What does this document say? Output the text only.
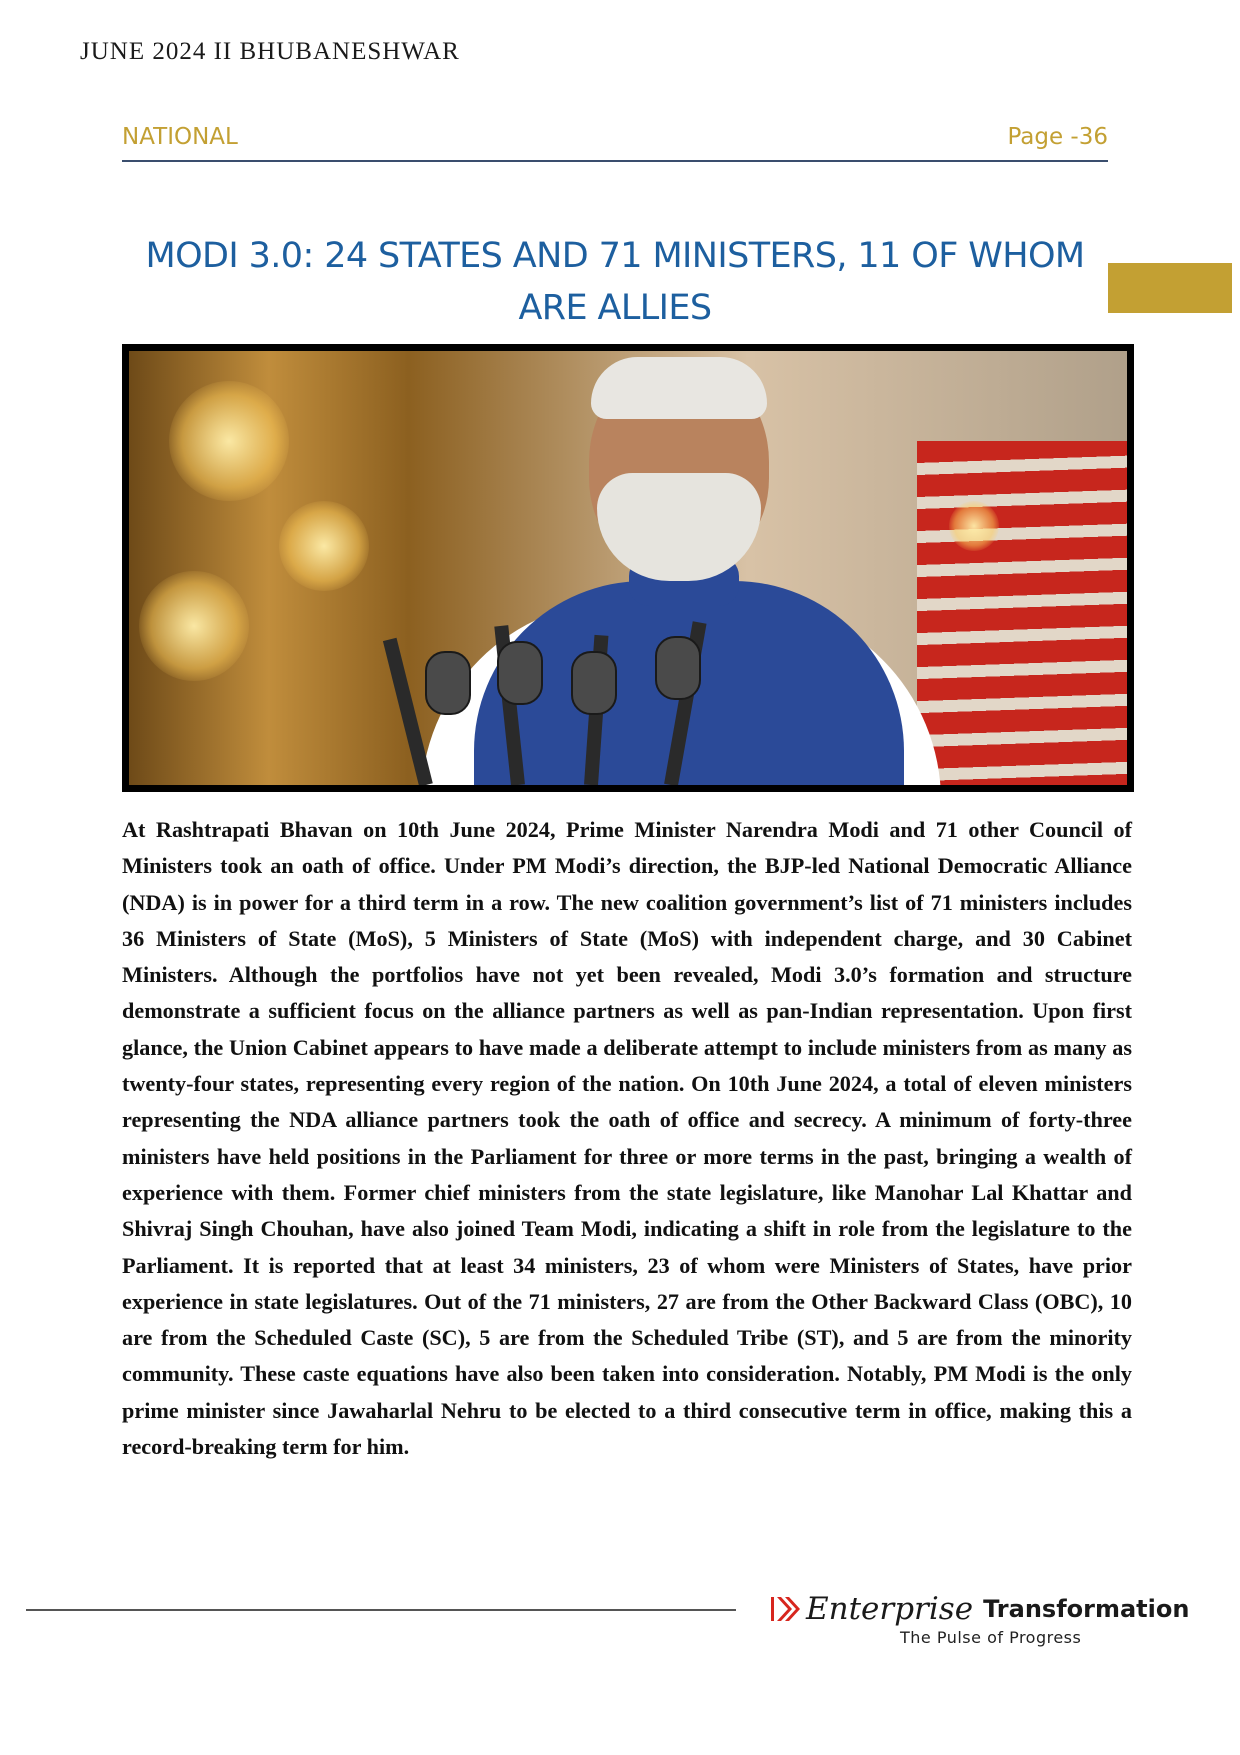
JUNE 2024 II BHUBANESHWAR
NATIONAL	Page -36
MODI 3.0: 24 STATES AND 71 MINISTERS, 11 OF WHOM ARE ALLIES

At Rashtrapati Bhavan on 10th June 2024, Prime Minister Narendra Modi and 71 other Council of Ministers took an oath of office. Under PM Modi’s direction, the BJP-led National Democratic Alliance (NDA) is in power for a third term in a row. The new coalition government’s list of 71 ministers includes 36 Ministers of State (MoS), 5 Ministers of State (MoS) with independent charge, and 30 Cabinet Ministers. Although the portfolios have not yet been revealed, Modi 3.0’s formation and structure demonstrate a sufficient focus on the alliance partners as well as pan-Indian representation. Upon first glance, the Union Cabinet appears to have made a deliberate attempt to include ministers from as many as twenty-four states, representing every region of the nation. On 10th June 2024, a total of eleven ministers representing the NDA alliance partners took the oath of office and secrecy. A minimum of forty-three ministers have held positions in the Parliament for three or more terms in the past, bringing a wealth of experience with them. Former chief ministers from the state legislature, like Manohar Lal Khattar and Shivraj Singh Chouhan, have also joined Team Modi, indicating a shift in role from the legislature to the Parliament. It is reported that at least 34 ministers, 23 of whom were Ministers of States, have prior experience in state legislatures. Out of the 71 ministers, 27 are from the Other Backward Class (OBC), 10 are from the Scheduled Caste (SC), 5 are from the Scheduled Tribe (ST), and 5 are from the minority community. These caste equations have also been taken into consideration. Notably, PM Modi is the only prime minister since Jawaharlal Nehru to be elected to a third consecutive term in office, making this a record-breaking term for him.

Enterprise Transformation
The Pulse of Progress
